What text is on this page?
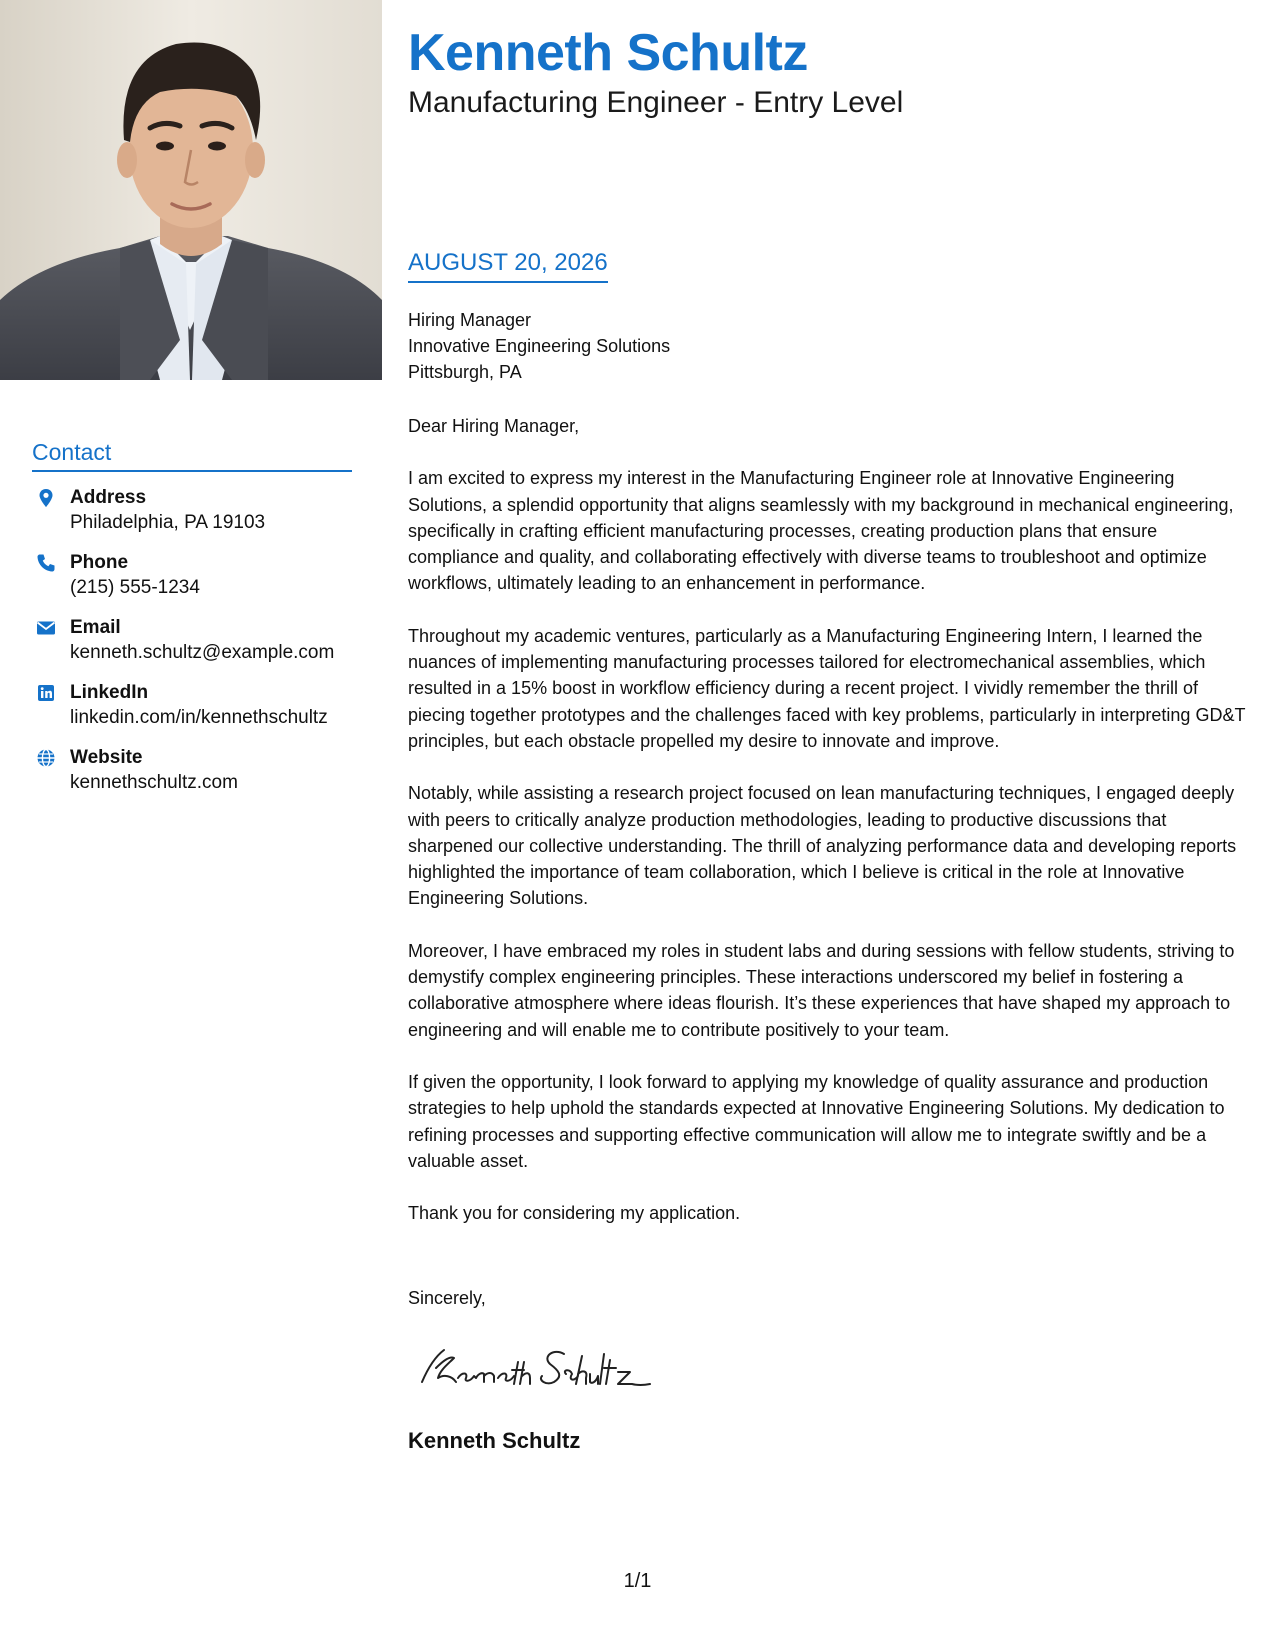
Contact
Address
Philadelphia, PA 19103
Phone
(215) 555-1234
Email
kenneth.schultz@example.com
LinkedIn
linkedin.com/in/kennethschultz
Website
kennethschultz.com
Kenneth Schultz
Manufacturing Engineer - Entry Level
AUGUST 20, 2026
Hiring Manager
Innovative Engineering Solutions
Pittsburgh, PA

Dear Hiring Manager,

I am excited to express my interest in the Manufacturing Engineer role at Innovative Engineering Solutions, a splendid opportunity that aligns seamlessly with my background in mechanical engineering, specifically in crafting efficient manufacturing processes, creating production plans that ensure compliance and quality, and collaborating effectively with diverse teams to troubleshoot and optimize workflows, ultimately leading to an enhancement in performance.

Throughout my academic ventures, particularly as a Manufacturing Engineering Intern, I learned the nuances of implementing manufacturing processes tailored for electromechanical assemblies, which resulted in a 15% boost in workflow efficiency during a recent project. I vividly remember the thrill of piecing together prototypes and the challenges faced with key problems, particularly in interpreting GD&T principles, but each obstacle propelled my desire to innovate and improve.

Notably, while assisting a research project focused on lean manufacturing techniques, I engaged deeply with peers to critically analyze production methodologies, leading to productive discussions that sharpened our collective understanding. The thrill of analyzing performance data and developing reports highlighted the importance of team collaboration, which I believe is critical in the role at Innovative Engineering Solutions.

Moreover, I have embraced my roles in student labs and during sessions with fellow students, striving to demystify complex engineering principles. These interactions underscored my belief in fostering a collaborative atmosphere where ideas flourish. It’s these experiences that have shaped my approach to engineering and will enable me to contribute positively to your team.

If given the opportunity, I look forward to applying my knowledge of quality assurance and production strategies to help uphold the standards expected at Innovative Engineering Solutions. My dedication to refining processes and supporting effective communication will allow me to integrate swiftly and be a valuable asset.

Thank you for considering my application.

Sincerely,
Kenneth Schultz
1/1
